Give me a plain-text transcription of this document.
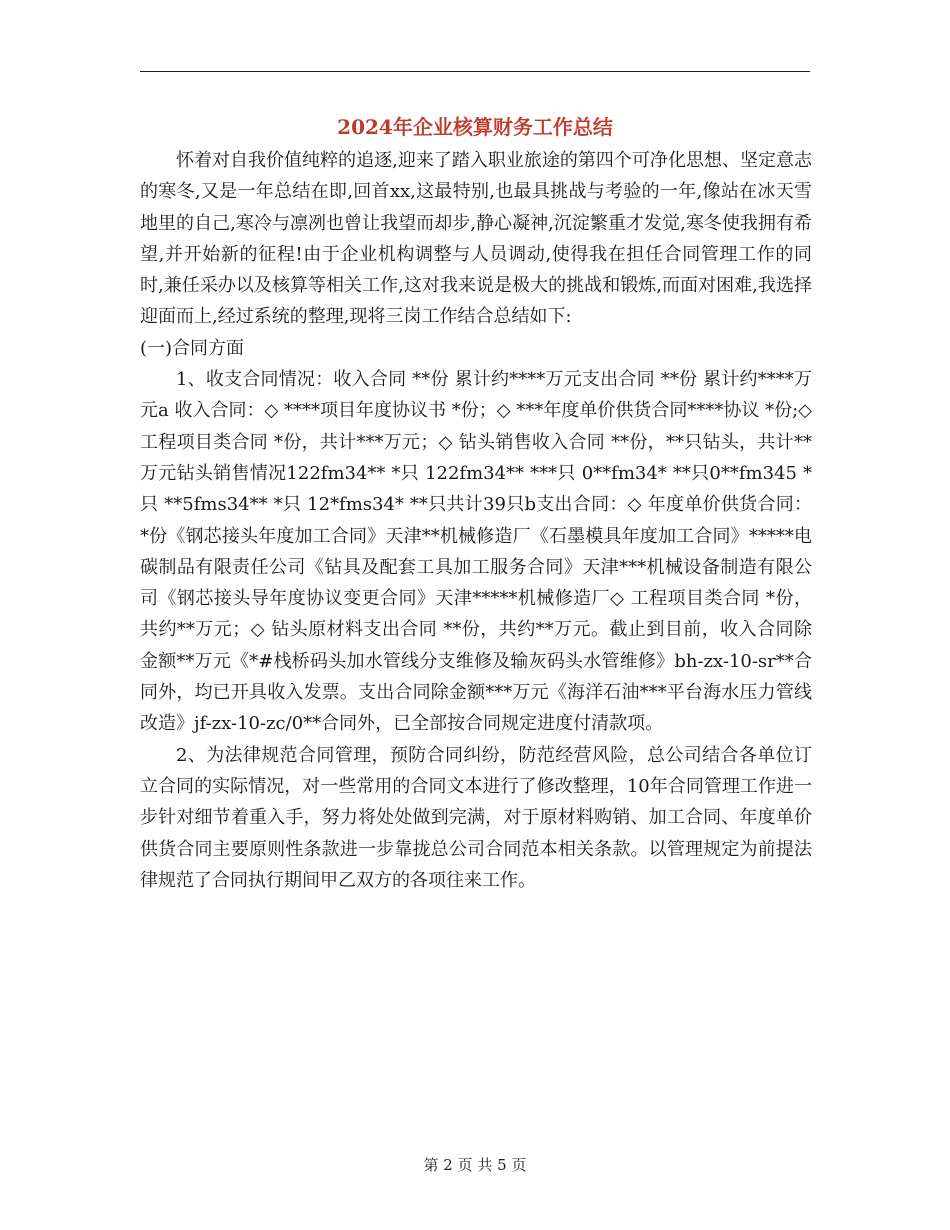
2024年企业核算财务工作总结

怀着对自我价值纯粹的追逐,迎来了踏入职业旅途的第四个可净化思想、坚定意志的寒冬,又是一年总结在即,回首xx,这最特别,也最具挑战与考验的一年,像站在冰天雪地里的自己,寒冷与凛冽也曾让我望而却步,静心凝神,沉淀繁重才发觉,寒冬使我拥有希望,并开始新的征程!由于企业机构调整与人员调动,使得我在担任合同管理工作的同时,兼任采办以及核算等相关工作,这对我来说是极大的挑战和锻炼,而面对困难,我选择迎面而上,经过系统的整理,现将三岗工作结合总结如下:

(一)合同方面

1、收支合同情况：收入合同 **份 累计约****万元支出合同 **份 累计约****万元a 收入合同：◇ ****项目年度协议书 *份；◇ ***年度单价供货合同****协议 *份;◇ 工程项目类合同 *份，共计***万元；◇ 钻头销售收入合同 **份，**只钻头，共计**万元钻头销售情况122fm34** *只 122fm34** ***只 0**fm34* **只0**fm345 *只 **5fms34** *只 12*fms34* **只共计39只b支出合同：◇ 年度单价供货合同：*份《钢芯接头年度加工合同》天津**机械修造厂《石墨模具年度加工合同》*****电碳制品有限责任公司《钻具及配套工具加工服务合同》天津***机械设备制造有限公司《钢芯接头导年度协议变更合同》天津*****机械修造厂◇ 工程项目类合同 *份，共约**万元；◇ 钻头原材料支出合同 **份，共约**万元。截止到目前，收入合同除金额**万元《*#栈桥码头加水管线分支维修及输灰码头水管维修》bh-zx-10-sr**合同外，均已开具收入发票。支出合同除金额***万元《海洋石油***平台海水压力管线改造》jf-zx-10-zc/0**合同外，已全部按合同规定进度付清款项。

2、为法律规范合同管理，预防合同纠纷，防范经营风险，总公司结合各单位订立合同的实际情况，对一些常用的合同文本进行了修改整理，10年合同管理工作进一步针对细节着重入手，努力将处处做到完满，对于原材料购销、加工合同、年度单价供货合同主要原则性条款进一步靠拢总公司合同范本相关条款。以管理规定为前提法律规范了合同执行期间甲乙双方的各项往来工作。

第 2 页 共 5 页
